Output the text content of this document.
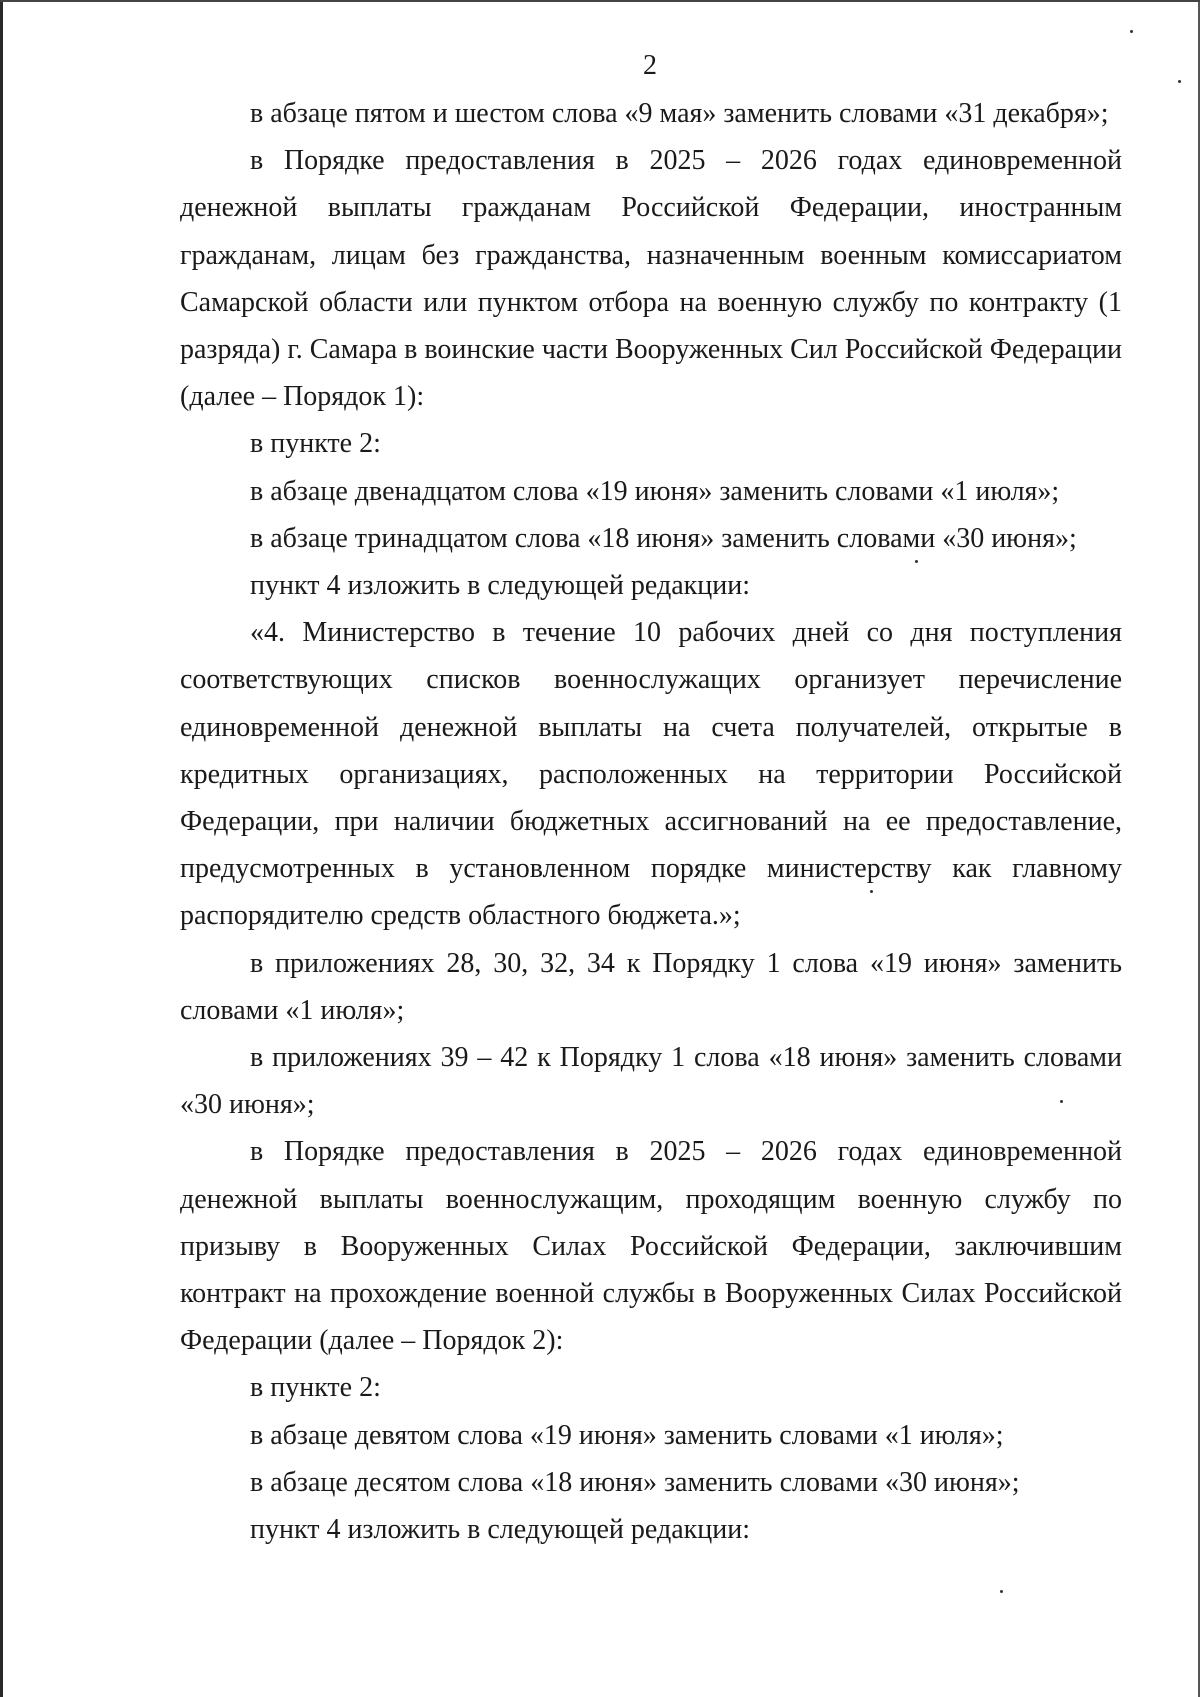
2

в абзаце пятом и шестом слова «9 мая» заменить словами «31 декабря»;

в Порядке предоставления в 2025 – 2026 годах единовременной денежной выплаты гражданам Российской Федерации, иностранным гражданам, лицам без гражданства, назначенным военным комиссариатом Самарской области или пунктом отбора на военную службу по контракту (1 разряда) г. Самара в воинские части Вооруженных Сил Российской Федерации (далее – Порядок 1):

в пункте 2:

в абзаце двенадцатом слова «19 июня» заменить словами «1 июля»;

в абзаце тринадцатом слова «18 июня» заменить словами «30 июня»;

пункт 4 изложить в следующей редакции:

«4. Министерство в течение 10 рабочих дней со дня поступления соответствующих списков военнослужащих организует перечисление единовременной денежной выплаты на счета получателей, открытые в кредитных организациях, расположенных на территории Российской Федерации, при наличии бюджетных ассигнований на ее предоставление, предусмотренных в установленном порядке министерству как главному распорядителю средств областного бюджета.»;

в приложениях 28, 30, 32, 34 к Порядку 1 слова «19 июня» заменить словами «1 июля»;

в приложениях 39 – 42 к Порядку 1 слова «18 июня» заменить словами «30 июня»;

в Порядке предоставления в 2025 – 2026 годах единовременной денежной выплаты военнослужащим, проходящим военную службу по призыву в Вооруженных Силах Российской Федерации, заключившим контракт на прохождение военной службы в Вооруженных Силах Российской Федерации (далее – Порядок 2):

в пункте 2:

в абзаце девятом слова «19 июня» заменить словами «1 июля»;

в абзаце десятом слова «18 июня» заменить словами «30 июня»;

пункт 4 изложить в следующей редакции:
